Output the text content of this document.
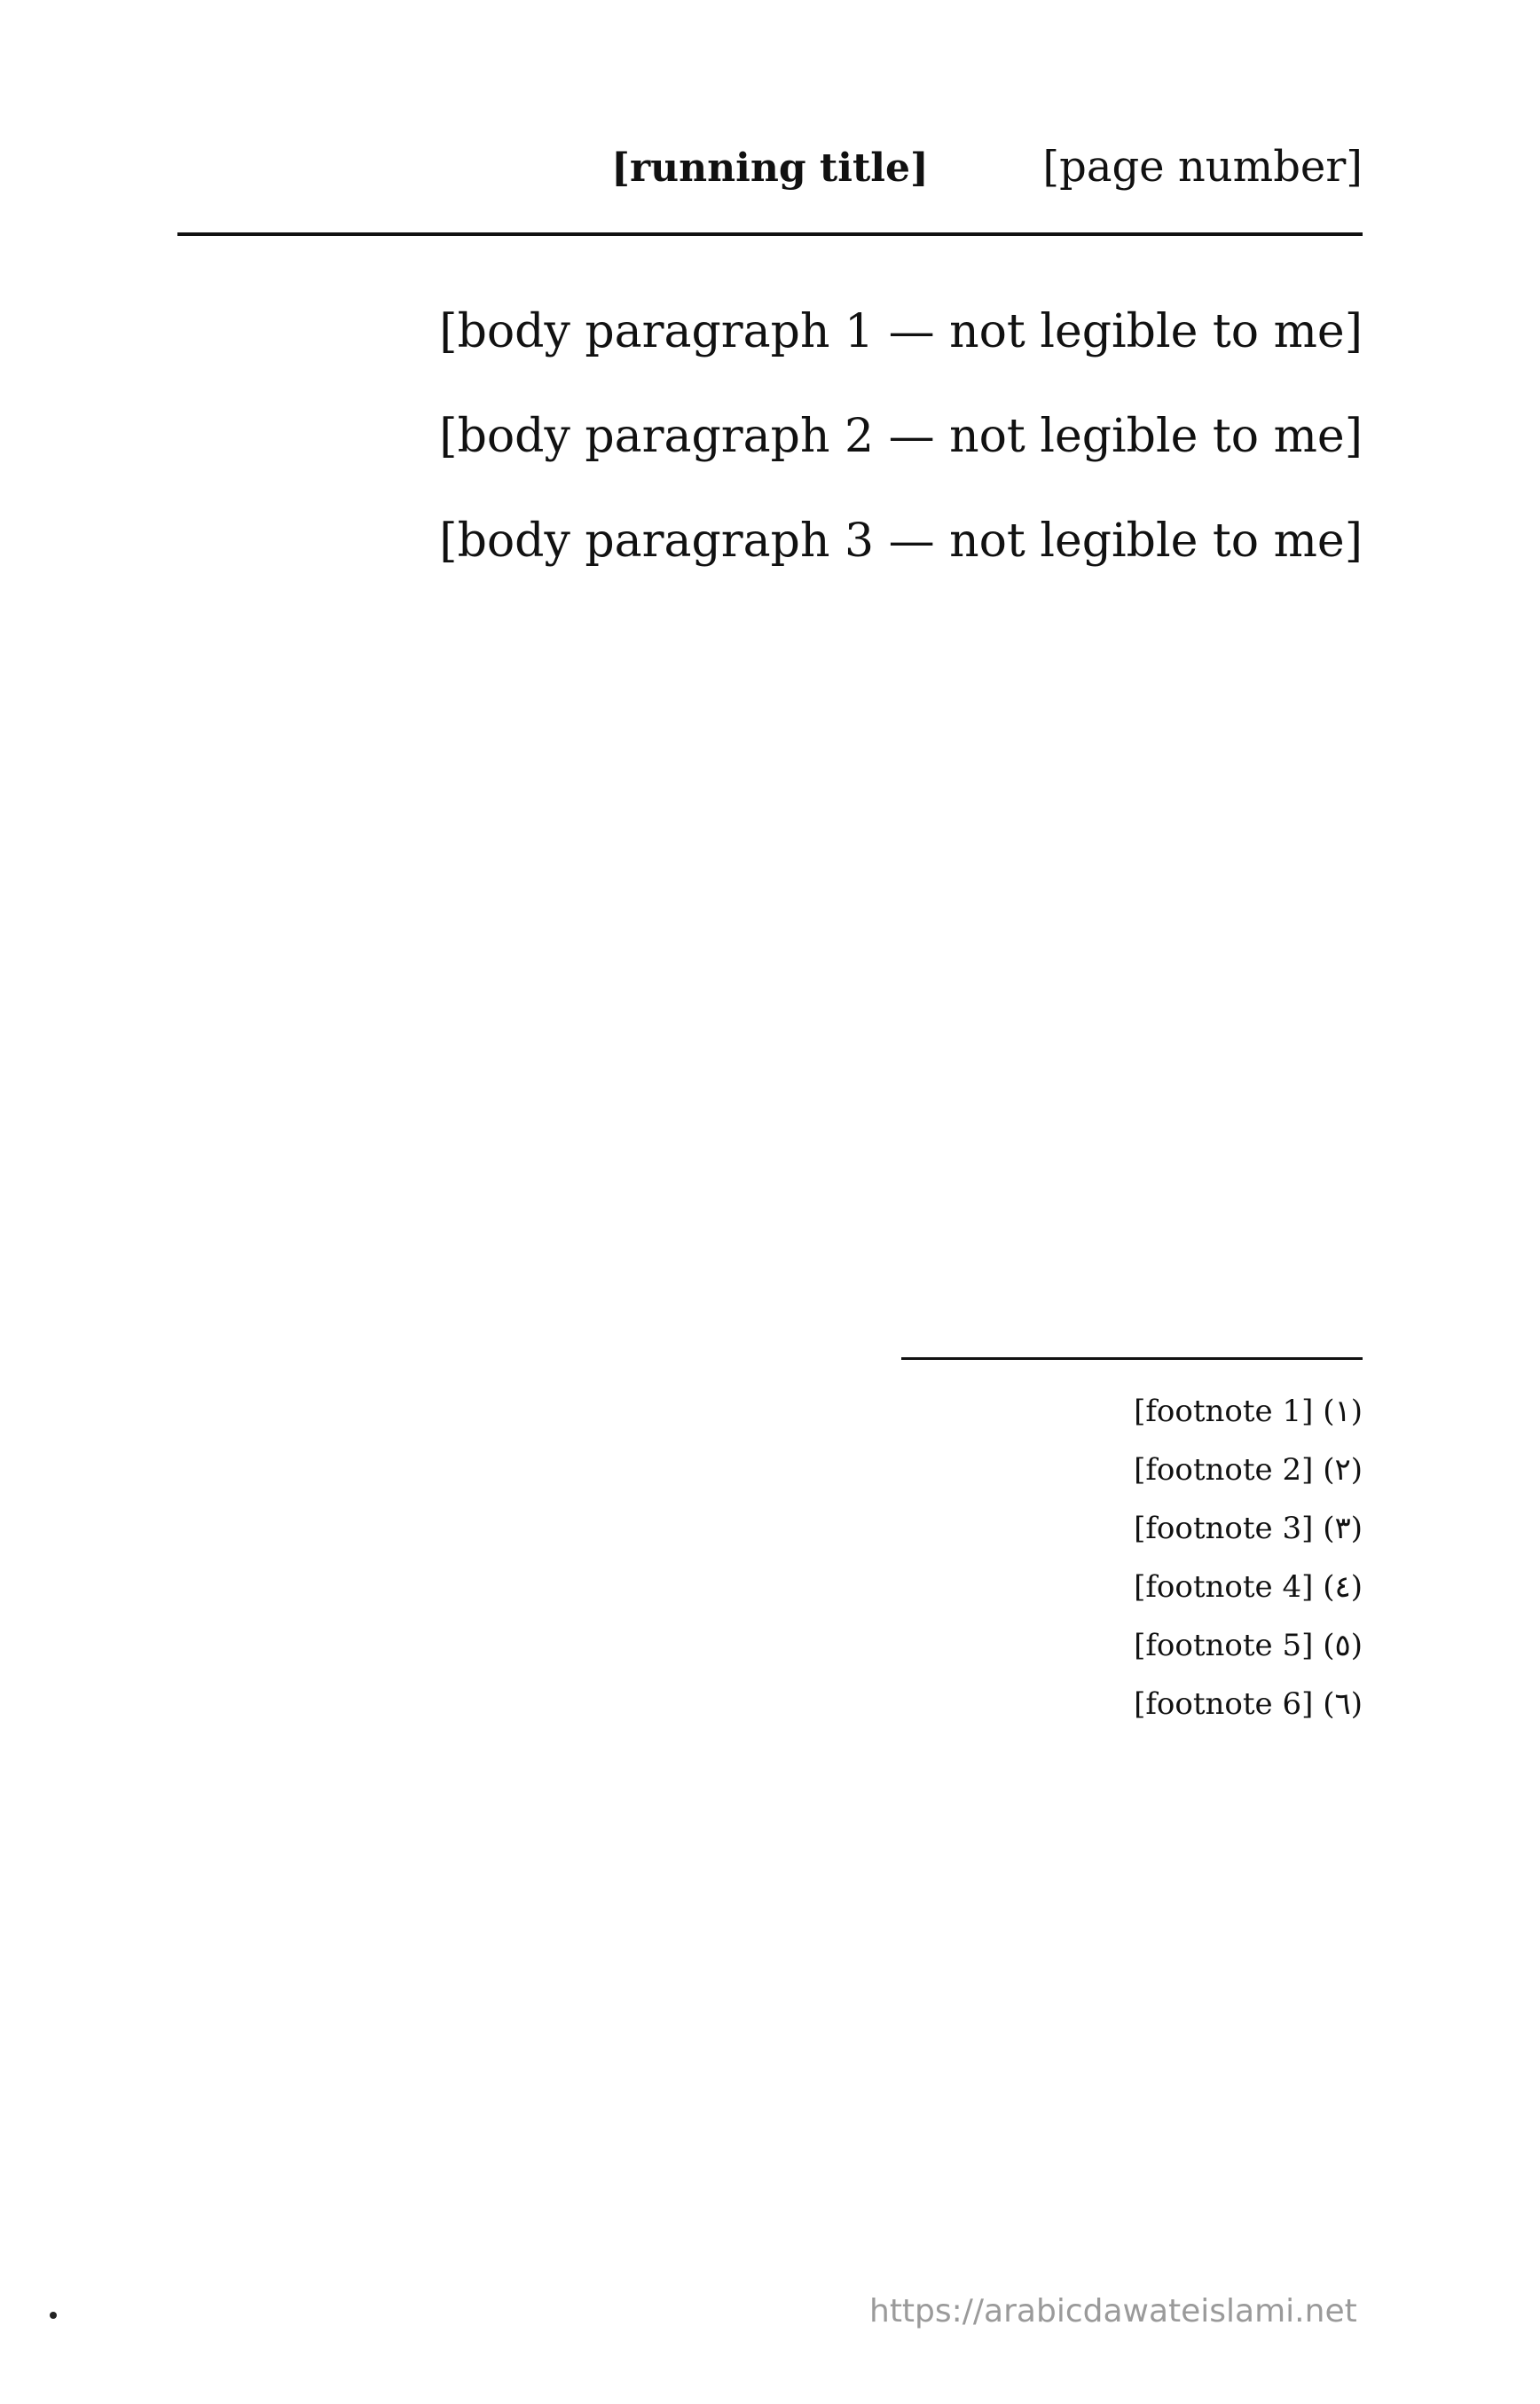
[page number]
[running title]

[body paragraph 1 — not legible to me]

[body paragraph 2 — not legible to me]

[body paragraph 3 — not legible to me]

(١) [footnote 1]

(٢) [footnote 2]

(٣) [footnote 3]

(٤) [footnote 4]

(٥) [footnote 5]

(٦) [footnote 6]

https://arabicdawateislami.net
